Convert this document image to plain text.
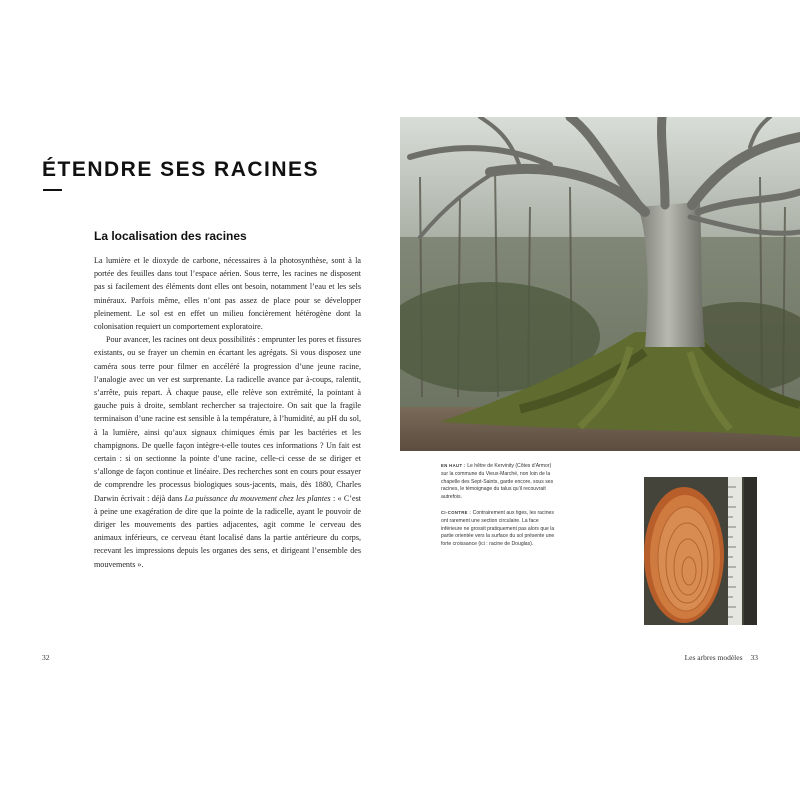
ÉTENDRE SES RACINES
La localisation des racines

La lumière et le dioxyde de carbone, nécessaires à la photosynthèse, sont à la portée des feuilles dans tout l’espace aérien. Sous terre, les racines ne disposent pas si facilement des éléments dont elles ont besoin, notamment l’eau et les sels minéraux. Parfois même, elles n’ont pas assez de place pour se développer pleinement. Le sol est en effet un milieu foncièrement hétérogène dont la colonisation requiert un comportement exploratoire.

Pour avancer, les racines ont deux possibilités : emprunter les pores et fissures existants, ou se frayer un chemin en écartant les agrégats. Si vous disposez une caméra sous terre pour filmer en accéléré la progression d’une jeune racine, l’analogie avec un ver est surprenante. La radicelle avance par à-coups, ralentit, s’arrête, puis repart. À chaque pause, elle relève son extrémité, la pointant à gauche puis à droite, semblant rechercher sa trajectoire. On sait que la fragile terminaison d’une racine est sensible à la température, à l’humidité, au pH du sol, à la lumière, ainsi qu’aux signaux chimiques émis par les bactéries et les champignons. De quelle façon intègre-t-elle toutes ces informations ? Un fait est certain : si on sectionne la pointe d’une racine, celle-ci cesse de se diriger et s’allonge de façon continue et linéaire. Des recherches sont en cours pour essayer de comprendre les processus biologiques sous-jacents, mais, dès 1880, Charles Darwin écrivait : déjà dans La puissance du mouvement chez les plantes : « C’est à peine une exagération de dire que la pointe de la radicelle, ayant le pouvoir de diriger les mouvements des parties adjacentes, agit comme le cerveau des animaux inférieurs, ce cerveau étant localisé dans la partie antérieure du corps, recevant les impressions depuis les organes des sens, et dirigeant l’ensemble des mouvements ».

32

EN HAUT : Le hêtre de Kervinity (Côtes d’Armor) sur la commune du Vieux-Marché, non loin de la chapelle des Sept-Saints, garde encore, sous ses racines, le témoignage du talus qu’il recouvrait autrefois.

CI-CONTRE : Contrairement aux tiges, les racines ont rarement une section circulaire. La face inférieure ne grossit pratiquement pas alors que la partie orientée vers la surface du sol présente une forte croissance (ici : racine de Douglas).

Les arbres modèles 33
